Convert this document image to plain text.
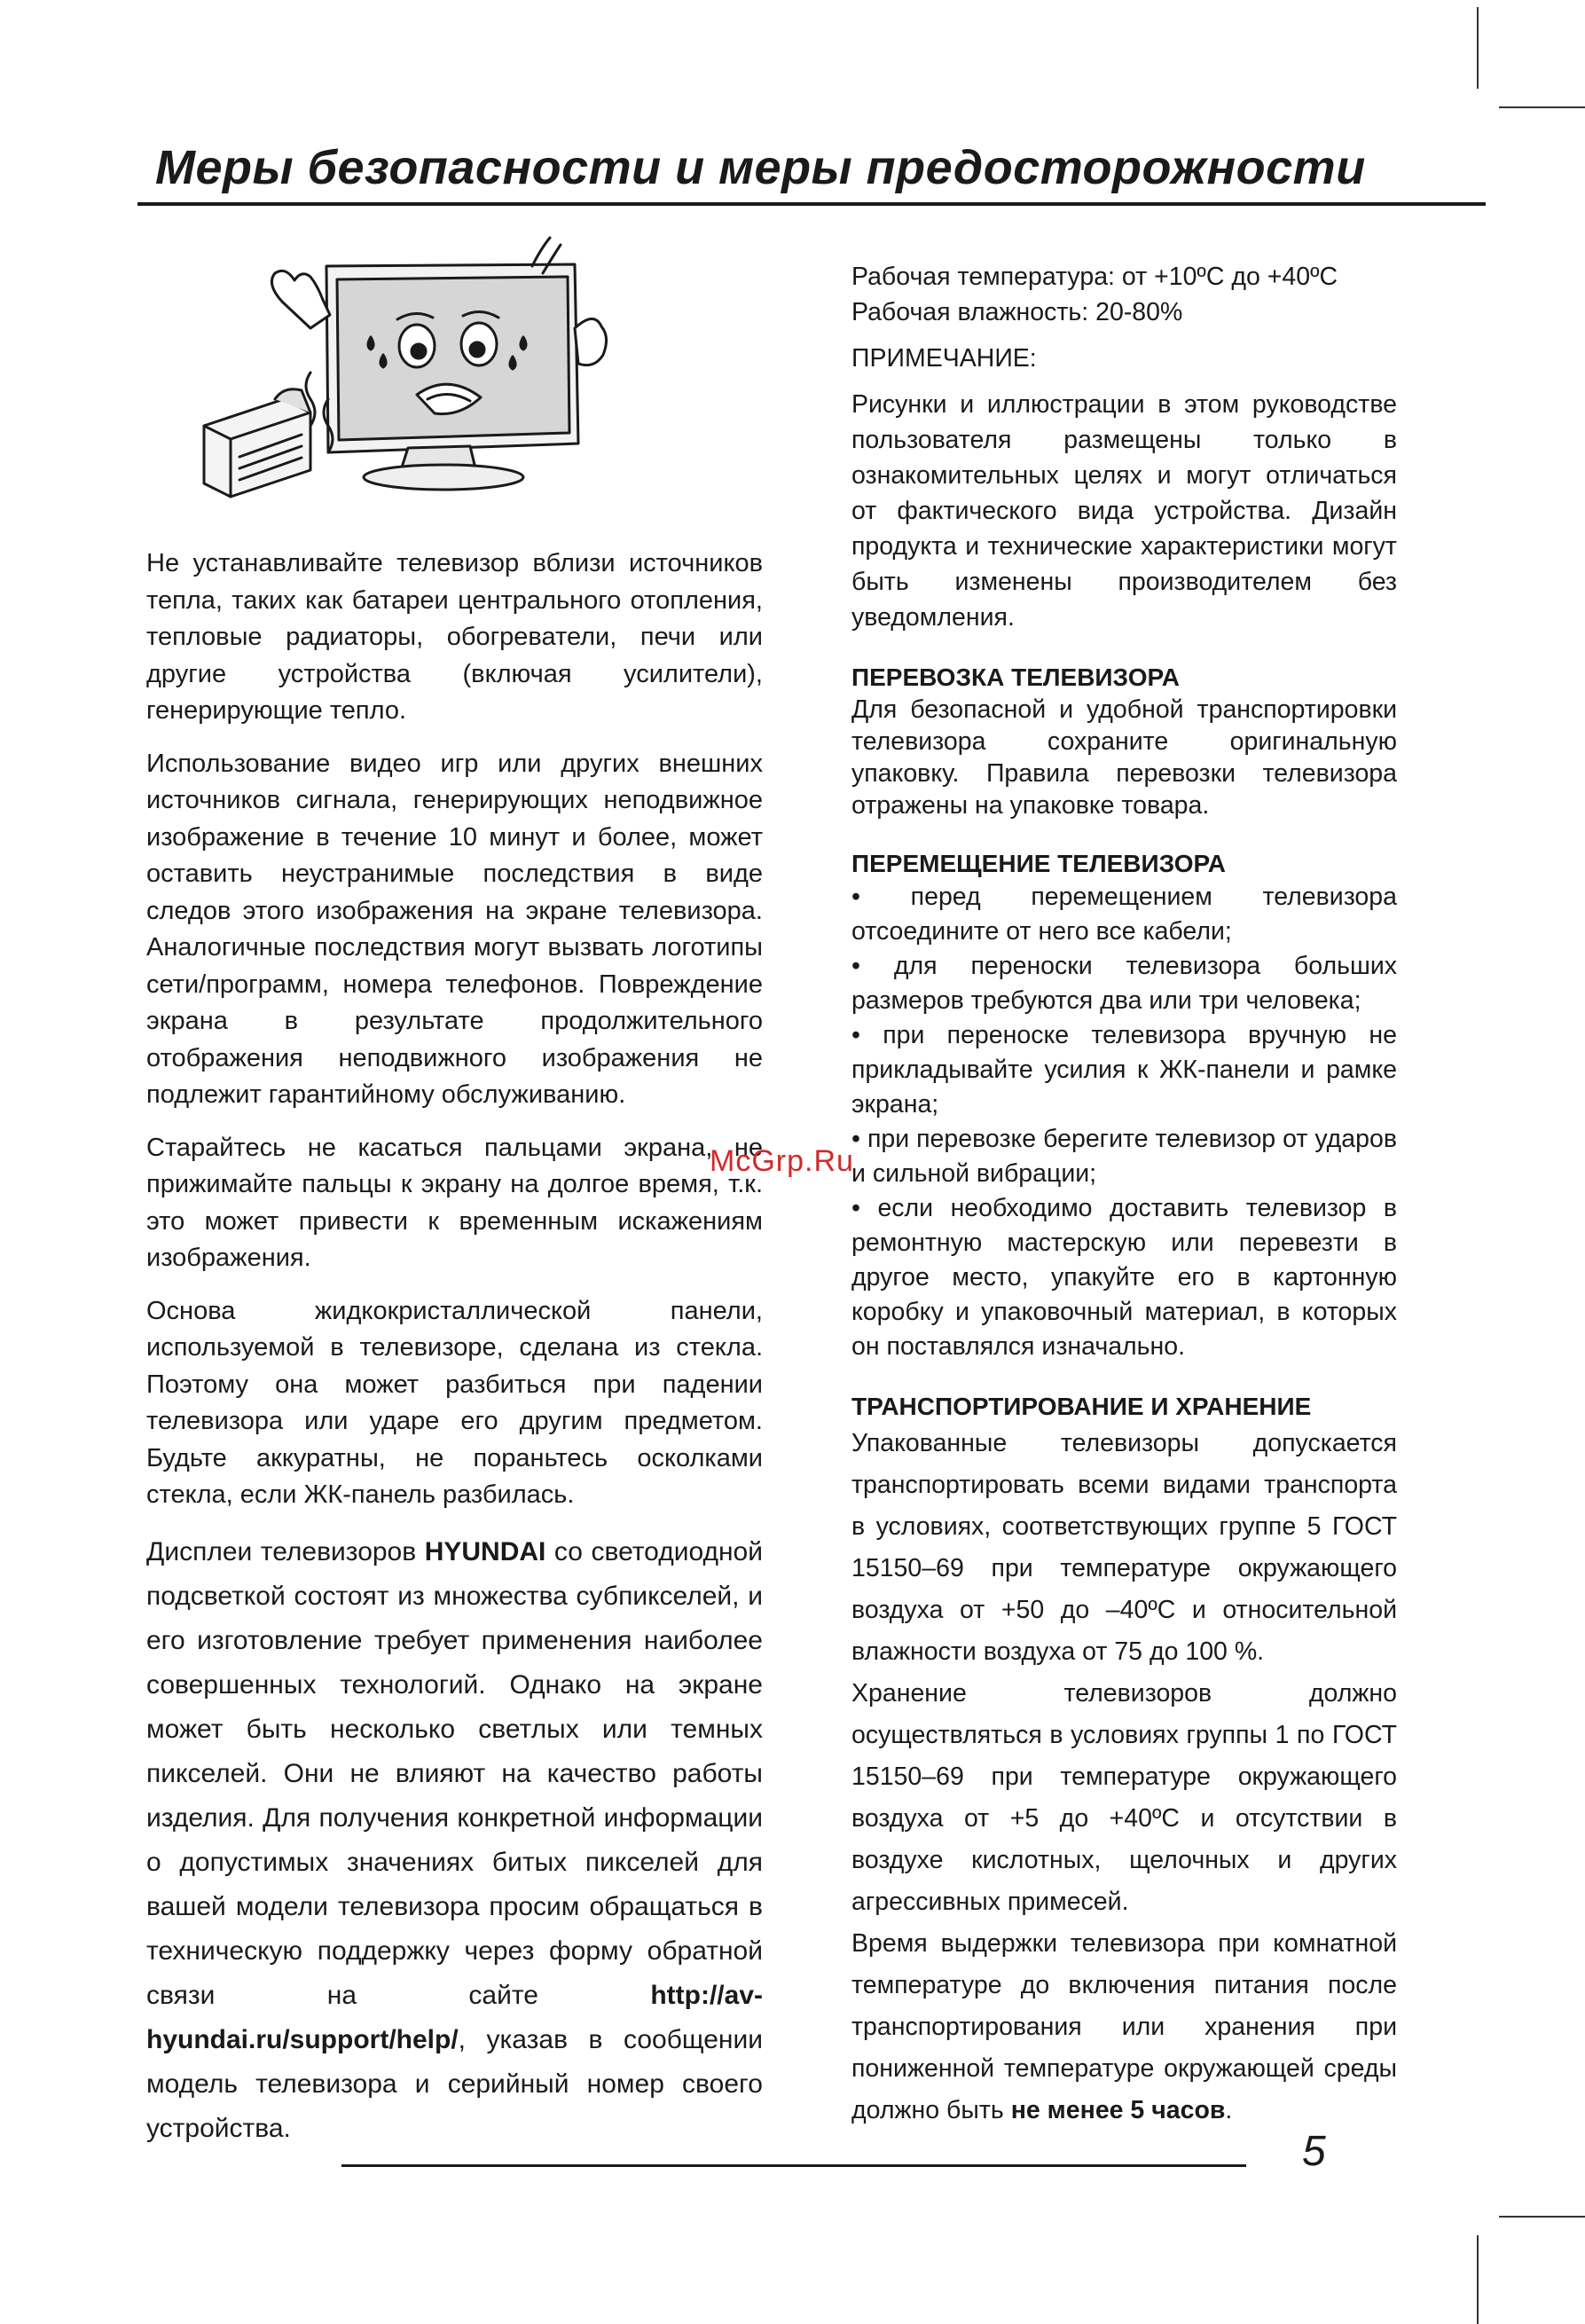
Меры безопасности и меры предосторожности

Не устанавливайте телевизор вблизи источников тепла, таких как батареи центрального отопления, тепловые радиаторы, обогреватели, печи или другие устройства (включая усилители), генерирующие тепло.

Использование видео игр или других внешних источников сигнала, генерирующих неподвижное изображение в течение 10 минут и более, может оставить неустранимые последствия в виде следов этого изображения на экране телевизора. Аналогичные последствия могут вызвать логотипы сети/программ, номера телефонов. Повреждение экрана в результате продолжительного отображения неподвижного изображения не подлежит гарантийному обслуживанию.

Старайтесь не касаться пальцами экрана, не прижимайте пальцы к экрану на долгое время, т.к. это может привести к временным искажениям изображения.

Основа жидкокристаллической панели, используемой в телевизоре, сделана из стекла. Поэтому она может разбиться при падении телевизора или ударе его другим предметом. Будьте аккуратны, не пораньтесь осколками стекла, если ЖК-панель разбилась.

Дисплеи телевизоров HYUNDAI со светодиодной подсветкой состоят из множества субпикселей, и его изготовление требует применения наиболее совершенных технологий. Однако на экране может быть несколько светлых или темных пикселей. Они не влияют на качество работы изделия. Для получения конкретной информации о допустимых значениях битых пикселей для вашей модели телевизора просим обращаться в техническую поддержку через форму обратной связи на сайте http://av-hyundai.ru/support/help/, указав в сообщении модель телевизора и серийный номер своего устройства.

Рабочая температура: от +10ºС до +40ºС

Рабочая влажность: 20-80%

ПРИМЕЧАНИЕ:

Рисунки и иллюстрации в этом руководстве пользователя размещены только в ознакомительных целях и могут отличаться от фактического вида устройства. Дизайн продукта и технические характеристики могут быть изменены производителем без уведомления.

ПЕРЕВОЗКА ТЕЛЕВИЗОРА

Для безопасной и удобной транспортировки телевизора сохраните оригинальную упаковку. Правила перевозки телевизора отражены на упаковке товара.

ПЕРЕМЕЩЕНИЕ ТЕЛЕВИЗОРА

• перед перемещением телевизора отсоедините от него все кабели;

• для переноски телевизора больших размеров требуются два или три человека;

• при переноске телевизора вручную не прикладывайте усилия к ЖК-панели и рамке экрана;

• при перевозке берегите телевизор от ударов и сильной вибрации;

• если необходимо доставить телевизор в ремонтную мастерскую или перевезти в другое место, упакуйте его в картонную коробку и упаковочный материал, в которых он поставлялся изначально.

ТРАНСПОРТИРОВАНИЕ И ХРАНЕНИЕ

Упакованные телевизоры допускается транспортировать всеми видами транспорта в условиях, соответствующих группе 5 ГОСТ 15150–69 при температуре окружающего воздуха от +50 до –40ºС и относительной влажности воздуха от 75 до 100 %.

Хранение телевизоров должно осуществляться в условиях группы 1 по ГОСТ 15150–69 при температуре окружающего воздуха от +5 до +40ºС и отсутствии в воздухе кислотных, щелочных и других агрессивных примесей.

Время выдержки телевизора при комнатной температуре до включения питания после транспортирования или хранения при пониженной температуре окружающей среды должно быть не менее 5 часов.

McGrp.Ru
5
